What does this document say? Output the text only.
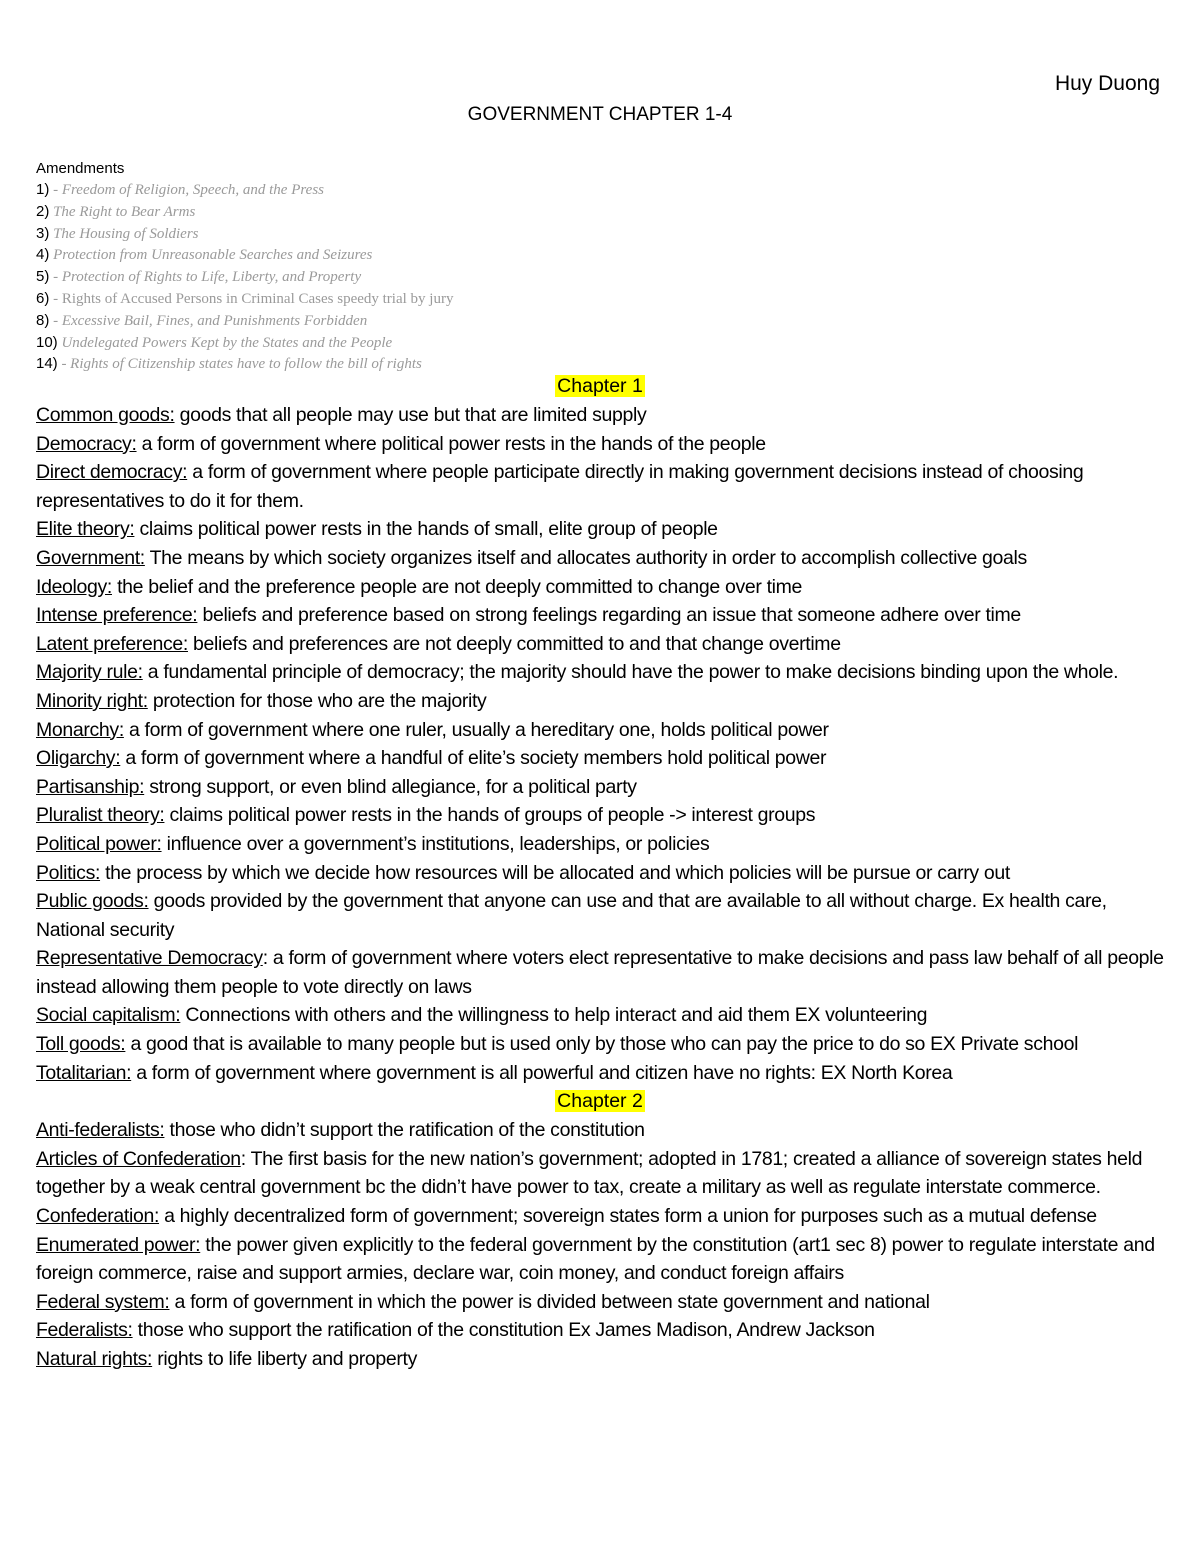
Huy Duong
GOVERNMENT CHAPTER 1-4
Amendments
1) - Freedom of Religion, Speech, and the Press
2) The Right to Bear Arms
3) The Housing of Soldiers
4) Protection from Unreasonable Searches and Seizures
5) - Protection of Rights to Life, Liberty, and Property
6) - Rights of Accused Persons in Criminal Cases speedy trial by jury
8) - Excessive Bail, Fines, and Punishments Forbidden
10) Undelegated Powers Kept by the States and the People
14) - Rights of Citizenship states have to follow the bill of rights
Chapter 1
Common goods: goods that all people may use but that are limited supply
Democracy: a form of government where political power rests in the hands of the people
Direct democracy: a form of government where people participate directly in making government decisions instead of choosing representatives to do it for them.
Elite theory: claims political power rests in the hands of small, elite group of people
Government: The means by which society organizes itself and allocates authority in order to accomplish collective goals
Ideology: the belief and the preference people are not deeply committed to change over time
Intense preference: beliefs and preference based on strong feelings regarding an issue that someone adhere over time
Latent preference: beliefs and preferences are not deeply committed to and that change overtime
Majority rule: a fundamental principle of democracy; the majority should have the power to make decisions binding upon the whole.
Minority right: protection for those who are the majority
Monarchy: a form of government where one ruler, usually a hereditary one, holds political power
Oligarchy: a form of government where a handful of elite’s society members hold political power
Partisanship: strong support, or even blind allegiance, for a political party
Pluralist theory: claims political power rests in the hands of groups of people -> interest groups
Political power: influence over a government’s institutions, leaderships, or policies
Politics: the process by which we decide how resources will be allocated and which policies will be pursue or carry out
Public goods: goods provided by the government that anyone can use and that are available to all without charge. Ex health care, National security
Representative Democracy: a form of government where voters elect representative to make decisions and pass law behalf of all people instead allowing them people to vote directly on laws
Social capitalism: Connections with others and the willingness to help interact and aid them EX volunteering
Toll goods: a good that is available to many people but is used only by those who can pay the price to do so EX Private school
Totalitarian: a form of government where government is all powerful and citizen have no rights: EX North Korea
Chapter 2
Anti-federalists: those who didn’t support the ratification of the constitution
Articles of Confederation: The first basis for the new nation’s government; adopted in 1781; created a alliance of sovereign states held together by a weak central government bc the didn’t have power to tax, create a military as well as regulate interstate commerce.
Confederation: a highly decentralized form of government; sovereign states form a union for purposes such as a mutual defense
Enumerated power: the power given explicitly to the federal government by the constitution (art1 sec 8) power to regulate interstate and foreign commerce, raise and support armies, declare war, coin money, and conduct foreign affairs
Federal system: a form of government in which the power is divided between state government and national
Federalists: those who support the ratification of the constitution Ex James Madison, Andrew Jackson
Natural rights: rights to life liberty and property
